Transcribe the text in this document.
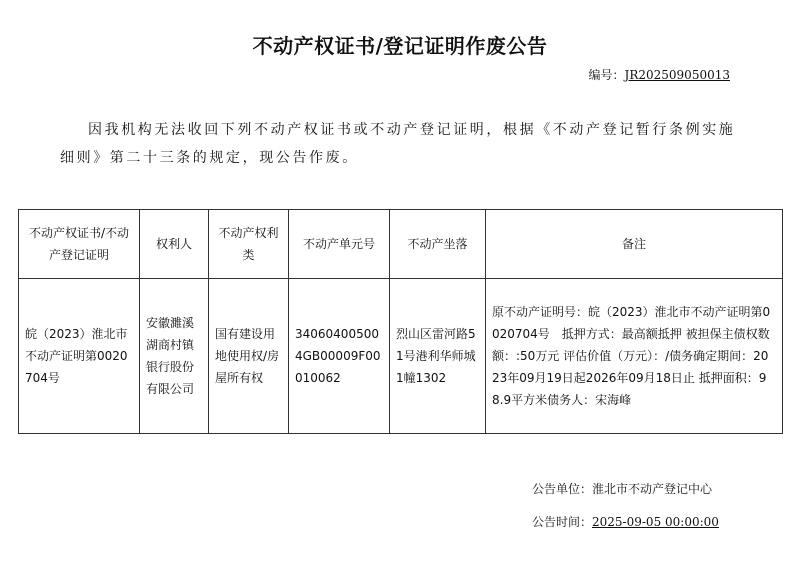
不动产权证书/登记证明作废公告
编号：JR202509050013
因我机构无法收回下列不动产权证书或不动产登记证明，根据《不动产登记暂行条例实施细则》第二十三条的规定，现公告作废。
不动产权证书/不动产登记证明	权利人	不动产权利类	不动产单元号	不动产坐落	备注
皖（2023）淮北市不动产证明第0020704号	安徽濉溪湖商村镇银行股份有限公司	国有建设用地使用权/房屋所有权	340604005004GB00009F00010062	烈山区雷河路51号港利华师城1幢1302	原不动产证明号：皖（2023）淮北市不动产证明第0020704号　抵押方式：最高额抵押 被担保主债权数额：:50万元 评估价值（万元）：/债务确定期间：2023年09月19日起2026年09月18日止 抵押面积：98.9平方米债务人：宋海峰
公告单位：淮北市不动产登记中心
公告时间：2025-09-05 00:00:00
